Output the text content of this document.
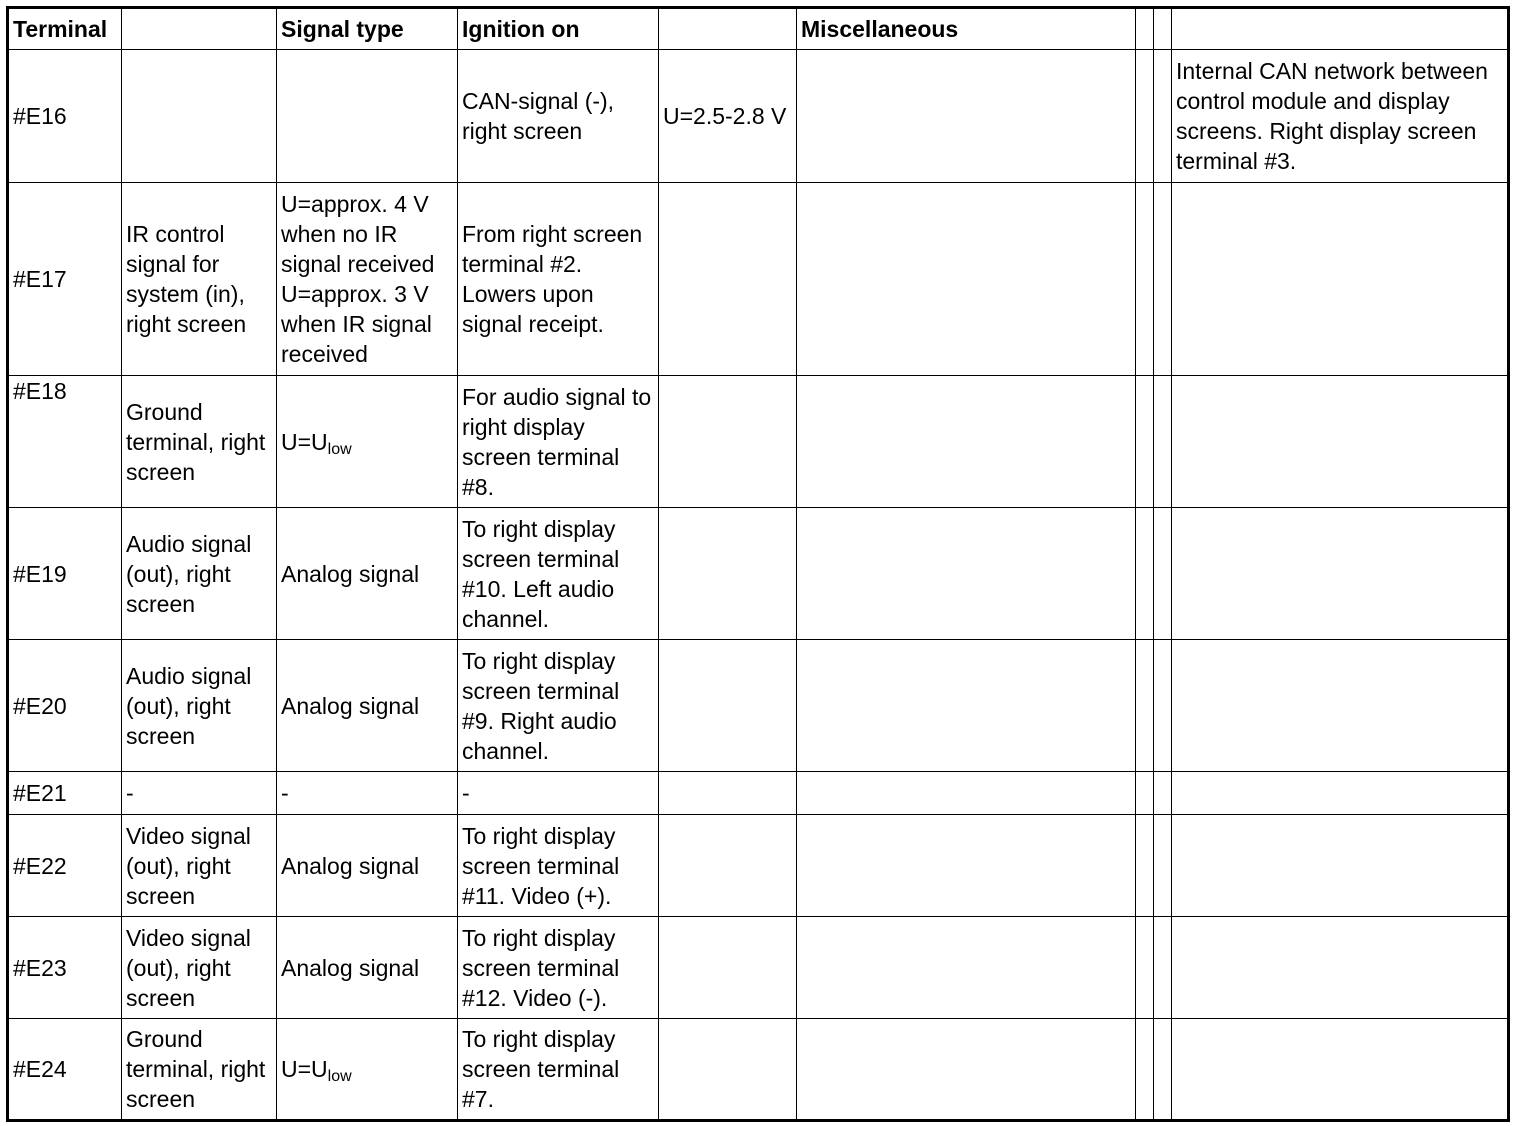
Terminal		Signal type	Ignition on		Miscellaneous			
#E16			CAN-signal (-), right screen	U=2.5-2.8 V				Internal CAN network between control module and display screens. Right display screen terminal #3.
#E17	IR control signal for system (in), right screen	U=approx. 4 V when no IR signal received U=approx. 3 V when IR signal received	From right screen terminal #2. Lowers upon signal receipt.					
#E18	Ground terminal, right screen	$U=U_{low}$	For audio signal to right display screen terminal #8.					
#E19	Audio signal (out), right screen	Analog signal	To right display screen terminal #10. Left audio channel.					
#E20	Audio signal (out), right screen	Analog signal	To right display screen terminal #9. Right audio channel.					
#E21	-	-	-					
#E22	Video signal (out), right screen	Analog signal	To right display screen terminal #11. Video (+).					
#E23	Video signal (out), right screen	Analog signal	To right display screen terminal #12. Video (-).					
#E24	Ground terminal, right screen	$U=U_{low}$	To right display screen terminal #7.					
